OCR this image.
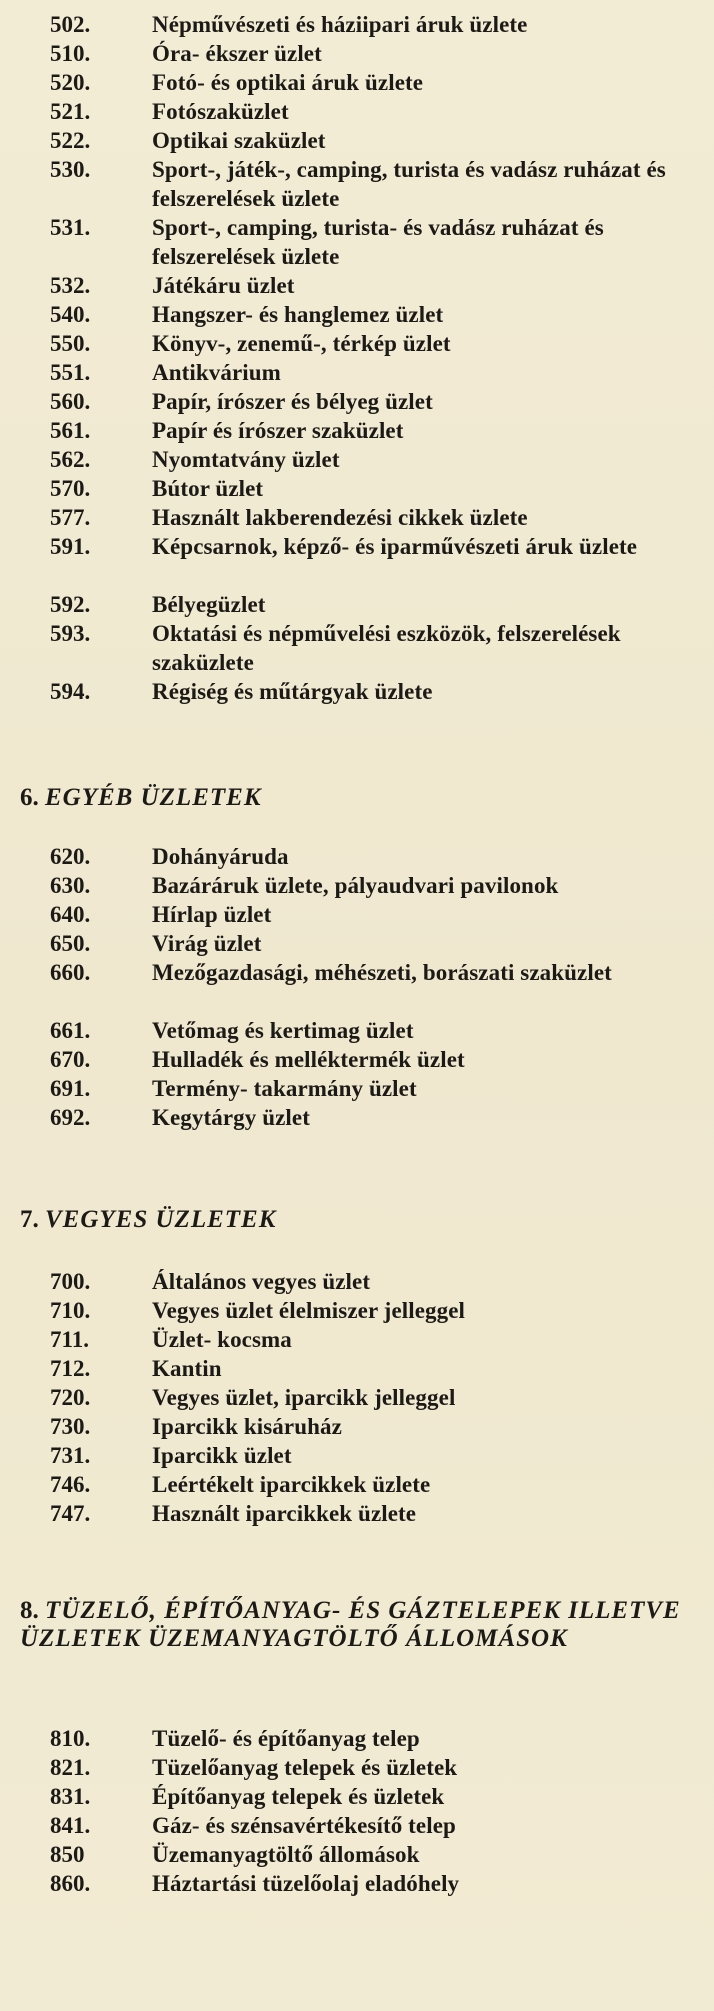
502.	Népművészeti és háziipari áruk üzlete
510.	Óra- ékszer üzlet
520.	Fotó- és optikai áruk üzlete
521.	Fotószaküzlet
522.	Optikai szaküzlet
530.	Sport-, játék-, camping, turista és vadász ruházat és felszerelések üzlete
531.	Sport-, camping, turista- és vadász ruházat és felszerelések üzlete
532.	Játékáru üzlet
540.	Hangszer- és hanglemez üzlet
550.	Könyv-, zenemű-, térkép üzlet
551.	Antikvárium
560.	Papír, írószer és bélyeg üzlet
561.	Papír és írószer szaküzlet
562.	Nyomtatvány üzlet
570.	Bútor üzlet
577.	Használt lakberendezési cikkek üzlete
591.	Képcsarnok, képző- és iparművészeti áruk üzlete
592.	Bélyegüzlet
593.	Oktatási és népművelési eszközök, felszerelések szaküzlete
594.	Régiség és műtárgyak üzlete
6. EGYÉB ÜZLETEK
620.	Dohányáruda
630.	Bazáráruk üzlete, pályaudvari pavilonok
640.	Hírlap üzlet
650.	Virág üzlet
660.	Mezőgazdasági, méhészeti, borászati szaküzlet
661.	Vetőmag és kertimag üzlet
670.	Hulladék és melléktermék üzlet
691.	Termény- takarmány üzlet
692.	Kegytárgy üzlet
7. VEGYES ÜZLETEK
700.	Általános vegyes üzlet
710.	Vegyes üzlet élelmiszer jelleggel
711.	Üzlet- kocsma
712.	Kantin
720.	Vegyes üzlet, iparcikk jelleggel
730.	Iparcikk kisáruház
731.	Iparcikk üzlet
746.	Leértékelt iparcikkek üzlete
747.	Használt iparcikkek üzlete
8. TÜZELŐ, ÉPÍTŐANYAG- ÉS GÁZTELEPEK ILLETVE ÜZLETEK ÜZEMANYAGTÖLTŐ ÁLLOMÁSOK
810.	Tüzelő- és építőanyag telep
821.	Tüzelőanyag telepek és üzletek
831.	Építőanyag telepek és üzletek
841.	Gáz- és szénsavértékesítő telep
850	Üzemanyagtöltő állomások
860.	Háztartási tüzelőolaj eladóhely
